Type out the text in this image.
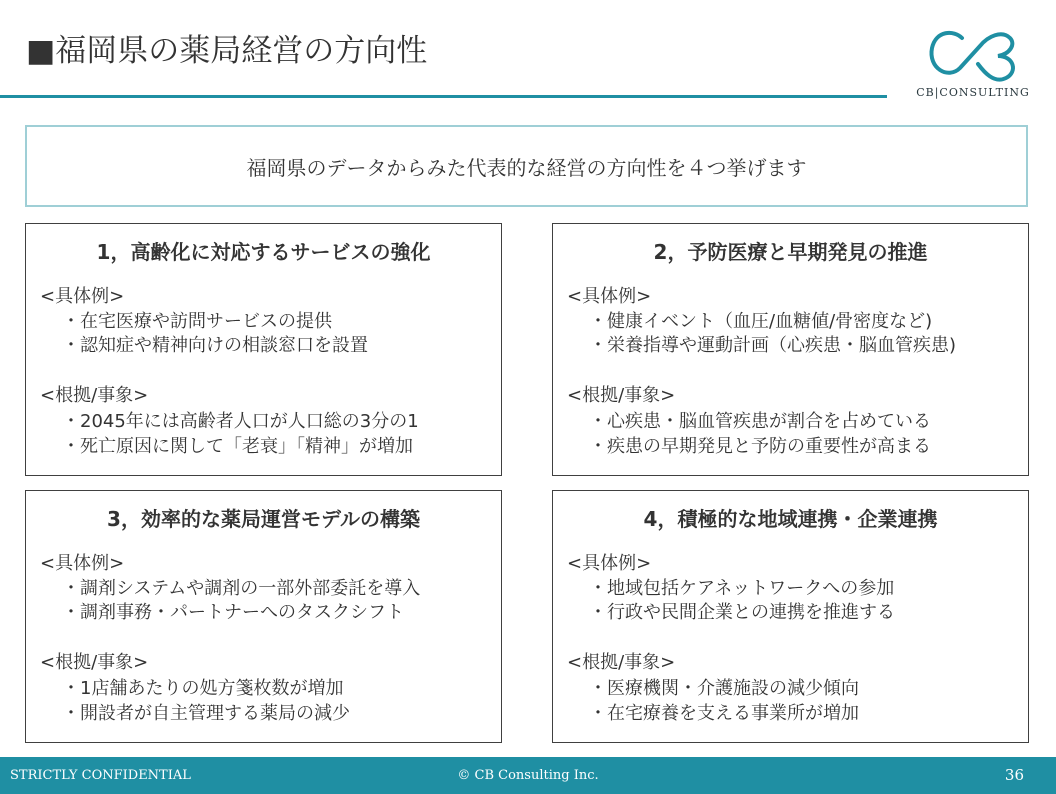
■福岡県の薬局経営の方向性
CB|CONSULTING
福岡県のデータからみた代表的な経営の方向性を４つ挙げます
1，高齢化に対応するサービスの強化
<具体例>
・在宅医療や訪問サービスの提供
・認知症や精神向けの相談窓口を設置
<根拠/事象>
・2045年には高齢者人口が人口総の3分の1
・死亡原因に関して「老衰」「精神」が増加
2，予防医療と早期発見の推進
<具体例>
・健康イベント（血圧/血糖値/骨密度など)
・栄養指導や運動計画（心疾患・脳血管疾患)
<根拠/事象>
・心疾患・脳血管疾患が割合を占めている
・疾患の早期発見と予防の重要性が高まる
3，効率的な薬局運営モデルの構築
<具体例>
・調剤システムや調剤の一部外部委託を導入
・調剤事務・パートナーへのタスクシフト
<根拠/事象>
・1店舗あたりの処方箋枚数が増加
・開設者が自主管理する薬局の減少
4，積極的な地域連携・企業連携
<具体例>
・地域包括ケアネットワークへの参加
・行政や民間企業との連携を推進する
<根拠/事象>
・医療機関・介護施設の減少傾向
・在宅療養を支える事業所が増加
STRICTLY CONFIDENTIAL	© CB Consulting Inc.	36
